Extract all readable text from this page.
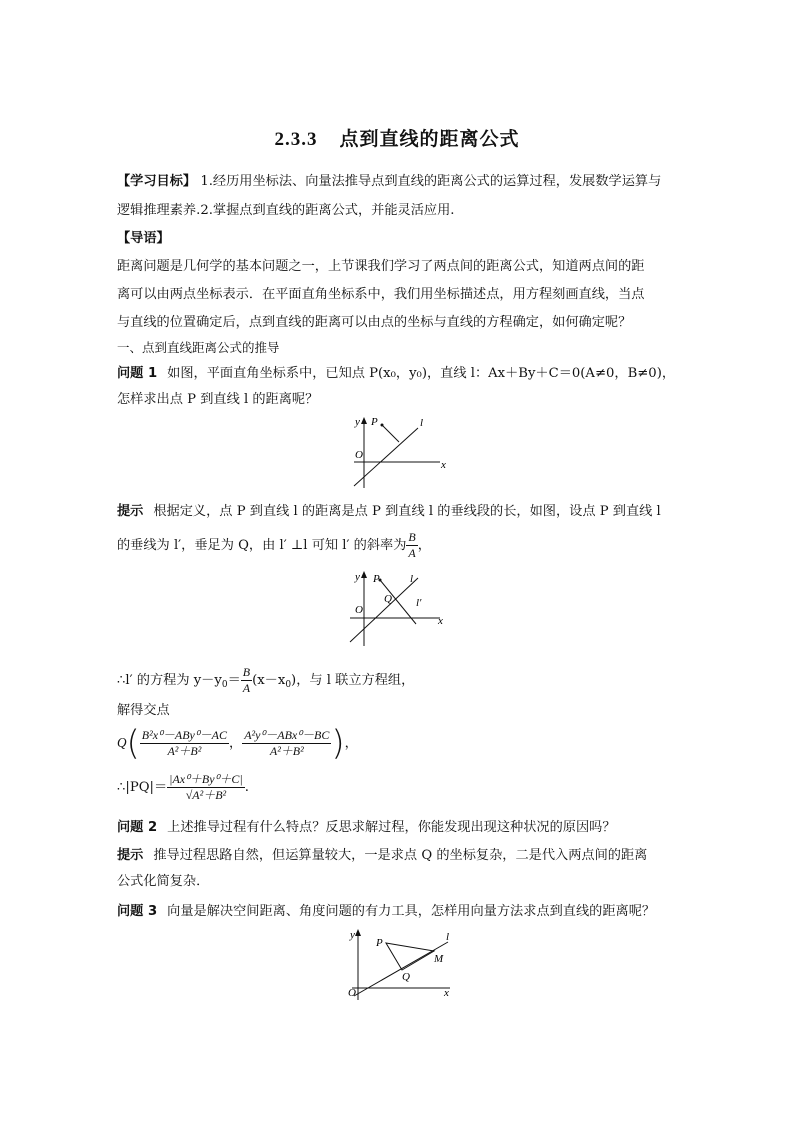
2.3.3 点到直线的距离公式
【学习目标】 1.经历用坐标法、向量法推导点到直线的距离公式的运算过程，发展数学运算与
逻辑推理素养.2.掌握点到直线的距离公式，并能灵活应用.
【导语】
距离问题是几何学的基本问题之一，上节课我们学习了两点间的距离公式，知道两点间的距
离可以由两点坐标表示．在平面直角坐标系中，我们用坐标描述点，用方程刻画直线，当点
与直线的位置确定后，点到直线的距离可以由点的坐标与直线的方程确定，如何确定呢？
一、点到直线距离公式的推导
问题 1 如图，平面直角坐标系中，已知点 P(x₀，y₀)，直线 l：Ax＋By＋C＝0(A≠0，B≠0)，
怎样求出点 P 到直线 l 的距离呢？
y
x
O
P	l
提示 根据定义，点 P 到直线 l 的距离是点 P 到直线 l 的垂线段的长，如图，设点 P 到直线 l
的垂线为 l′，垂足为 Q，由 l′ ⊥l 可知 l′ 的斜率为 $\frac{B}{A}$ ，
y
x
O
P
Q
l
l′
∴l′ 的方程为 $y-y_0= \frac{B}{A} (x-x_0)$，与 l 联立方程组，
解得交点
$Q( \frac{\text{B²x⁰－ABy⁰－AC}}{\text{A²＋B²}}$ ， $\frac{\text{A²y⁰－ABx⁰－BC}}{\text{A²＋B²}}$ )，
∴|PQ|＝ $\frac{\text{|Ax⁰＋By⁰＋C|}}{\text{√A²＋B²}}$ .
问题 2 上述推导过程有什么特点？反思求解过程，你能发现出现这种状况的原因吗？
提示 推导过程思路自然，但运算量较大，一是求点 Q 的坐标复杂，二是代入两点间的距离
公式化简复杂．
问题 3 向量是解决空间距离、角度问题的有力工具，怎样用向量方法求点到直线的距离呢？
y
x
O
P
Q
M
l
